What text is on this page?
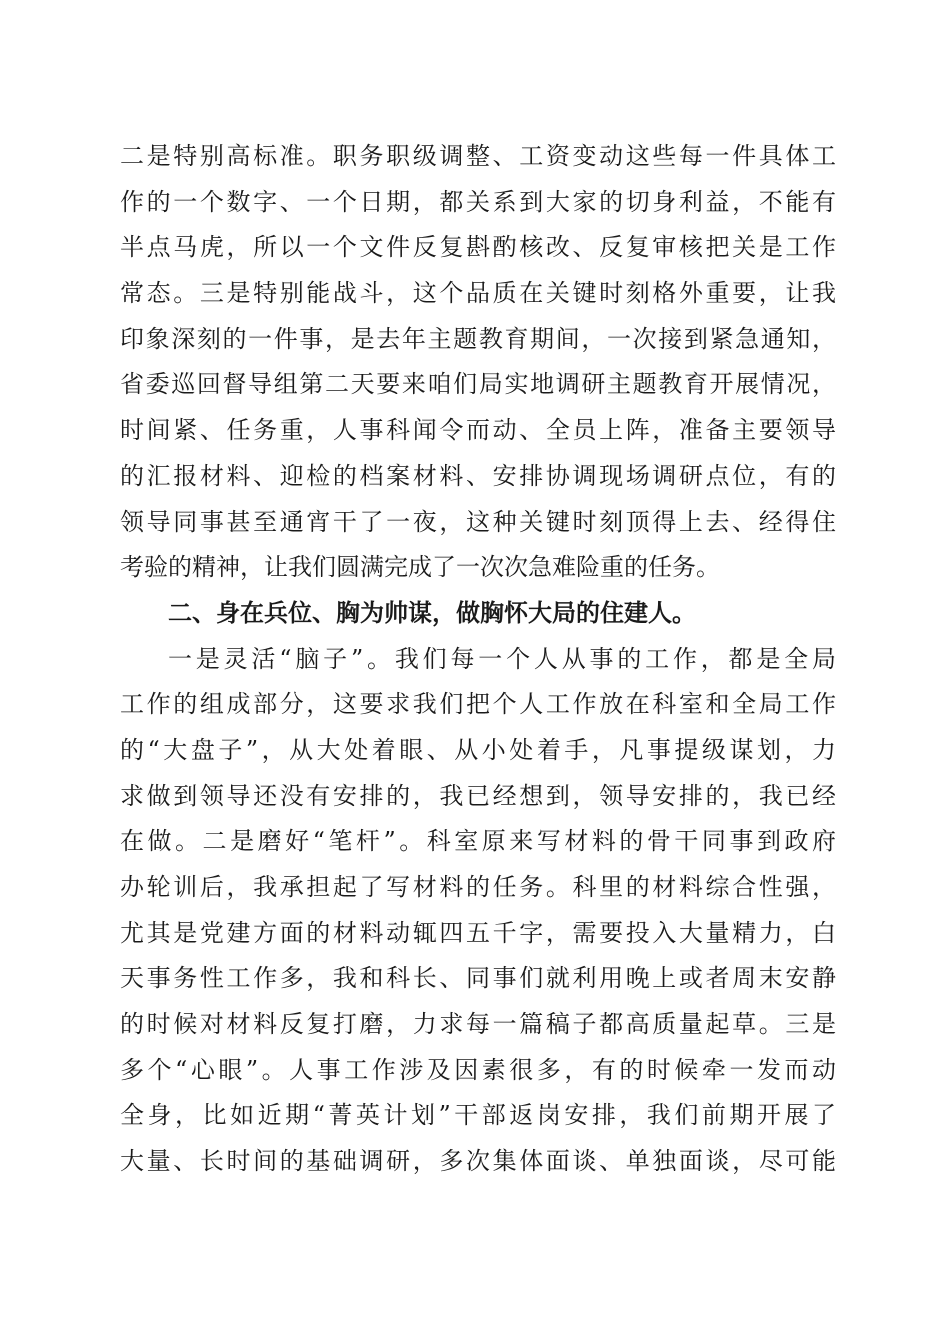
二是特别高标准。职务职级调整、工资变动这些每一件具体工
作的一个数字、一个日期，都关系到大家的切身利益，不能有
半点马虎，所以一个文件反复斟酌核改、反复审核把关是工作
常态。三是特别能战斗，这个品质在关键时刻格外重要，让我
印象深刻的一件事，是去年主题教育期间，一次接到紧急通知，
省委巡回督导组第二天要来咱们局实地调研主题教育开展情况，
时间紧、任务重，人事科闻令而动、全员上阵，准备主要领导
的汇报材料、迎检的档案材料、安排协调现场调研点位，有的
领导同事甚至通宵干了一夜，这种关键时刻顶得上去、经得住
考验的精神，让我们圆满完成了一次次急难险重的任务。
二、身在兵位、胸为帅谋，做胸怀大局的住建人。
一是灵活“脑子”。我们每一个人从事的工作，都是全局
工作的组成部分，这要求我们把个人工作放在科室和全局工作
的“大盘子”，从大处着眼、从小处着手，凡事提级谋划，力
求做到领导还没有安排的，我已经想到，领导安排的，我已经
在做。二是磨好“笔杆”。科室原来写材料的骨干同事到政府
办轮训后，我承担起了写材料的任务。科里的材料综合性强，
尤其是党建方面的材料动辄四五千字，需要投入大量精力，白
天事务性工作多，我和科长、同事们就利用晚上或者周末安静
的时候对材料反复打磨，力求每一篇稿子都高质量起草。三是
多个“心眼”。人事工作涉及因素很多，有的时候牵一发而动
全身，比如近期“菁英计划”干部返岗安排，我们前期开展了
大量、长时间的基础调研，多次集体面谈、单独面谈，尽可能
